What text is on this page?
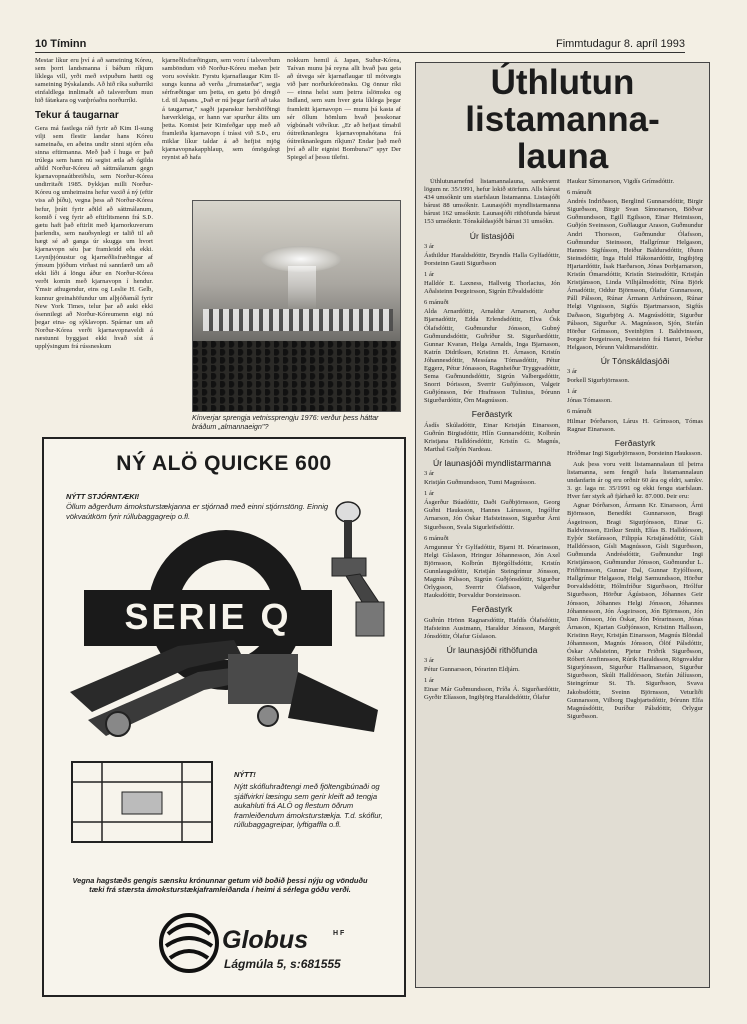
10 Tíminn	Fimmtudagur 8. apríl 1993

Mestar líkur eru því á að sameining Kóreu, sem þorri landsmanna í báðum ríkjum líklega vill, yrði með svipuðum hætti og sameining Þýskalands. Að hið ríka suðurríki einfaldlega innlimaði að talsverðum mun hið fátækara og vanþróaðra norðurríki.

Tekur á taugarnar

Gera má fastlega ráð fyrir að Kim Il-sung vilji sem flestir landar hans Kóreu sameinaða, en aðeins undir sinni stjórn eða sinna eftirmanna. Með það í huga er það trúlega sem hann nú segist ætla að ógilda aðild Norður-Kóreu að sáttmálanum gegn kjarnavopnaútbreiðslu, sem Norður-Kórea undirritaði 1985. Þykkjan milli Norður-Kóreu og umheimsins hefur vaxið á ný (eftir viss að þíðu), vegna þess að Norður-Kórea hefur, þrátt fyrir aðild að sáttmálanum, komið í veg fyrir að eftirlitsmenn frá S.Þ. gætu haft það eftirlit með kjarnorkuverum þarlendis, sem nauðsynlegt er talið til að hægt sé að ganga úr skugga um hvort kjarnavopn séu þar framleidd eða ekki. Leyniþjónustur og kjarneðlisfræðingar af ýmsum þjóðum virðast nú sannfærð um að ekki líði á löngu áður en Norður-Kórea verði komin með kjarnavopn í hendur. Ýmsir athugendur, eins og Leslie H. Gelb, kunnur greinahöfundur um alþjóðamál fyrir New York Times, telur þar að auki ekki ósennilegt að Norður-Kóreumenn eigi nú þegar eina- og sýklavopn. Spárnar um að Norður-Kórea verði kjarnavopnaveldi á næstunni byggjast ekki hvað síst á upplýsingum frá rússneskum

kjarneðlisfræðingum, sem voru í talsverðum samböndum við Norður-Kóreu meðan þeir voru sovéskir. Fyrstu kjarnaflaugar Kim Il-sungs kunna að verða „frumstæðar", segja sérfræðingar um þetta, en gætu þó dregið t.d. til Japans. „Það er nú þegar farið að taka á taugarnar," sagði japanskur hershöfðingi hæverkleiga, er hann var spurður álits um þetta. Komist þeir Kimfeðgar upp með að framleiða kjarnavopn í trássi við S.Þ., eru miklar líkur taldar á að hefjist mjög kjarnavopnakapphlaup, sem ómögulegt reynist að hafa

nokkurn hemil á. Japan, Suður-Kórea, Taívan munu þá reyna allt hvað þau geta að útvega sér kjarnaflaugar til mótvægis við þær norðurkóreönsku. Og önnur ríki — einna helst sum þeirra íslömsku og Indland, sem sum hver geta líklega þegar framleitt kjarnavopn — munu þá kasta af sér öllum hömlum hvað þesskonar vígbúnaði viðvíkur. „Er að hefjast tímabil óútreiknanlegra kjarnavopnahótana frá óútreiknanlegum ríkjum? Endar það með því að allir eignist Bombuna?" spyr Der Spiegel af þessu tilefni.

Kínverjar sprengja vetnissprengju 1976: verður þess háttar bráðum „almannaeign"?
NÝ ALÖ QUICKE 600
NÝTT STJÓRNTÆKI!
Öllum aðgerðum ámoksturstækjanna er stjórnað með einni stjórnstöng. Einnig vökvaútköm fyrir rúllubaggagreip o.fl.
SERIE Q
NÝTT!
Nýtt skófluhraðtengi með fjöltengibúnaði og sjálfvirkri læsingu sem gerir kleift að tengja aukahluti frá ALÖ og flestum öðrum framleiðendum ámoksturstækja. T.d. skóflur, rúllubaggagreipar, lyftigaffla o.fl.
Vegna hagstæðs gengis sænsku krónunnar getum við boðið þessi nýju og vönduðu tæki frá stærsta ámoksturstækjaframleiðanda í heimi á sérlega góðu verði.
Globus	H F
Lágmúla 5, s:681555
Úthlutun
listamanna-
launa

Úthlutunarnefnd listamannalauna, samkvæmt lögum nr. 35/1991, hefur lokið störfum. Alls bárust 434 umsóknir um starfslaun listamanna. Listasjóði bárust 88 umsóknir. Launasjóði myndlistarmanna bárust 162 umsóknir. Launasjóði rithöfunda bárust 153 umsóknir. Tónskáldasjóði bárust 31 umsókn.

Úr listasjóði

3 ár

Ásthildur Haraldsdóttir, Bryndís Halla Gylfadóttir, Þorsteinn Gauti Sigurðsson

1 ár

Halldór E. Laxness, Hallveig Thorlacius, Jón Aðalsteinn Þorgeirsson, Sigrún Eðvaldsdóttir

6 mánuði

Alda Arnardóttir, Arnaldur Arnarson, Auður Bjarnadóttir, Edda Erlendsdóttir, Elva Ósk Ólafsdóttir, Guðmundur Jónsson, Gubný Guðmundsdóttir, Guðríður St. Sigurðardóttir, Gunnar Kvaran, Helga Arnalds, Inga Bjarnason, Katrín Didriksen, Kristinn H. Árnason, Kristín Jóhannesdóttir, Messíana Tómasdóttir, Pétur Eggerz, Pétur Jónasson, Ragnheiður Tryggvadóttir, Sema Guðmundsdóttir, Sigrún Valbergsdóttir, Snorri Þórisson, Sverrir Guðjónsson, Valgeir Guðjónsson, Þór Hrafnsson Tulinius, Þórunn Sigurðardóttir, Örn Magnússon.

Ferðastyrk

Ásdís Skúladóttir, Einar Kristján Einarsson, Guðrún Birgisdóttir, Hlín Gunnarsdóttir, Kolbrún Kristjana Halldórsdóttir, Kristín G. Magnús, Marthal Guðjón Nardeau.

Úr launasjóði myndlistarmanna

3 ár

Kristján Guðmundsson, Tumi Magnússon.

1 ár

Ásgerður Búadóttir, Daði Guðbjörnsson, Georg Guðni Hauksson, Hannes Lárusson, Ingólfur Arnarson, Jón Óskar Hafsteinsson, Sigurður Árni Sigurðsson, Svala Sigurleifsdóttir.

6 mánuði

Arngunnur Ýr Gylfadóttir, Bjarni H. Þórarinsson, Helgi Gíslason, Hringur Jóhannesson, Jón Axel Björnsson, Kolbrún Björgólfsdóttir, Kristín Gunnlaugsdóttir, Kristján Steingrímur Jónsson, Magnús Pálsson, Sigrún Guðjónsdóttir, Sigurður Örlygsson, Sverrir Ólafsson, Valgerður Hauksdóttir, Þorvaldur Þorsteinsson.

Ferðastyrk

Guðrún Hrönn Ragnarsdóttir, Hafdís Ólafsdóttir, Hafsteinn Austmann, Haraldur Jónsson, Margrét Jónsdóttir, Ólafur Gíslason.

Úr launasjóði rithöfunda

3 ár

Pétur Gunnarsson, Þórarinn Eldjárn.

1 ár

Einar Már Guðmundsson, Fríða Á. Sigurðardóttir, Gyrðir Elíasson, Ingibjörg Haraldsdóttir, Ólafur

Haukur Símonarson, Vigdís Grímsdóttir.

6 mánuði

Andrés Indriðason, Berglind Gunnarsdóttir, Birgir Sigurðsson, Birgir Svan Símonarson, Böðvar Guðmundsson, Egill Egilsson, Einar Heimisson, Guðjón Sveinsson, Guðlaugur Arason, Guðmundur Andri Thorsson, Guðmundur Ólafsson, Guðmundur Steinsson, Hallgrímur Helgason, Hannes Sigfússon, Heiður Baldursdóttir, Iðunn Steinsdóttir, Inga Huld Hákonardóttir, Ingibjörg Hjartardóttir, Ísak Harðarson, Jónas Þorbjarnarson, Kristín Ómarsdóttir, Kristín Steinsdóttir, Kristján Kristjánsson, Linda Vilhjálmsdóttir, Nína Björk Árnadóttir, Oddur Björnsson, Ólafur Gunnarsson, Páll Pálsson, Rúnar Ármann Arthúrsson, Rúnar Helgi Vignisson, Sigfús Bjartmarsson, Sigfús Daðason, Sigurbjörg A. Magnúsdóttir, Sigurður Pálsson, Sigurður A. Magnússon, Sjón, Stefán Hörður Grímsson, Sveinbjörn I. Baldvinsson, Þorgeir Þorgeirsson, Þorsteinn frá Hamri, Þórður Helgason, Þórunn Valdimarsdóttir.

Úr Tónskáldasjóði

3 ár

Þorkell Sigurbjörnsson.

1 ár

Jónas Tómasson.

6 mánuði

Hilmar Þórðarson, Lárus H. Grímsson, Tómas Ragnar Einarsson.

Ferðastyrk

Hróðmar Ingi Sigurbjörnsson, Þorsteinn Hauksson.

Auk þess voru veitt listamannalaun til þeirra listamanna, sem fengið hafa listamannalaun undanfarin ár og eru orðnir 60 ára og eldri, samkv. 3. gr. laga nr. 35/1991 og ekki fengu starfslaun. Hver fær styrk að fjárhæð kr. 87.000. Þeir eru:

Agnar Þórðarson, Ármann Kr. Einarsson, Árni Björnsson, Benedikt Gunnarsson, Bragi Ásgeirsson, Bragi Sigurjónsson, Einar G. Baldvinsson, Eiríkur Smith, Elías B. Halldórsson, Eyþór Stefánsson, Filippía Kristjánsdóttir, Gísli Halldórsson, Gísli Magnússon, Gísli Sigurðsson, Guðmunda Andrésdóttir, Guðmundur Ingi Kristjánsson, Guðmundur Jónsson, Guðmundur L. Friðfinnsson, Gunnar Dal, Gunnar Eyjólfsson, Hallgrímur Helgason, Helgi Sæmundsson, Hörður Þorvaldsdóttir, Hólmfríður Sigurðsson, Hrólfur Sigurðsson, Hörður Ágústsson, Jóhannes Geir Jónsson, Jóhannes Helgi Jónsson, Jóhannes Jóhannesson, Jón Ásgeirsson, Jón Björnsson, Jón Dan Jónsson, Jón Óskar, Jón Þórarinsson, Jónas Árnason, Kjartan Guðjónsson, Kristinn Hallsson, Kristinn Reyr, Kristján Einarsson, Magnús Blöndal Jóhannsson, Magnús Jónsson, Ólöf Pálsdóttir, Óskar Aðalsteinn, Pjetur Friðrik Sigurðsson, Róbert Arnfinnsson, Rúrik Haraldsson, Rögnvaldur Sigurjónsson, Sigurður Hallmarsson, Sigurður Sigurðsson, Skúli Halldórsson, Stefán Júlíusson, Steingrímur St. Th. Sigurðsson, Svava Jakobsdóttir, Sveinn Björnsson, Veturliði Gunnarsson, Vilborg Dagbjartsdóttir, Þórunn Elfa Magnúsdóttir, Þuríður Pálsdóttir, Örlygur Sigurðsson.
